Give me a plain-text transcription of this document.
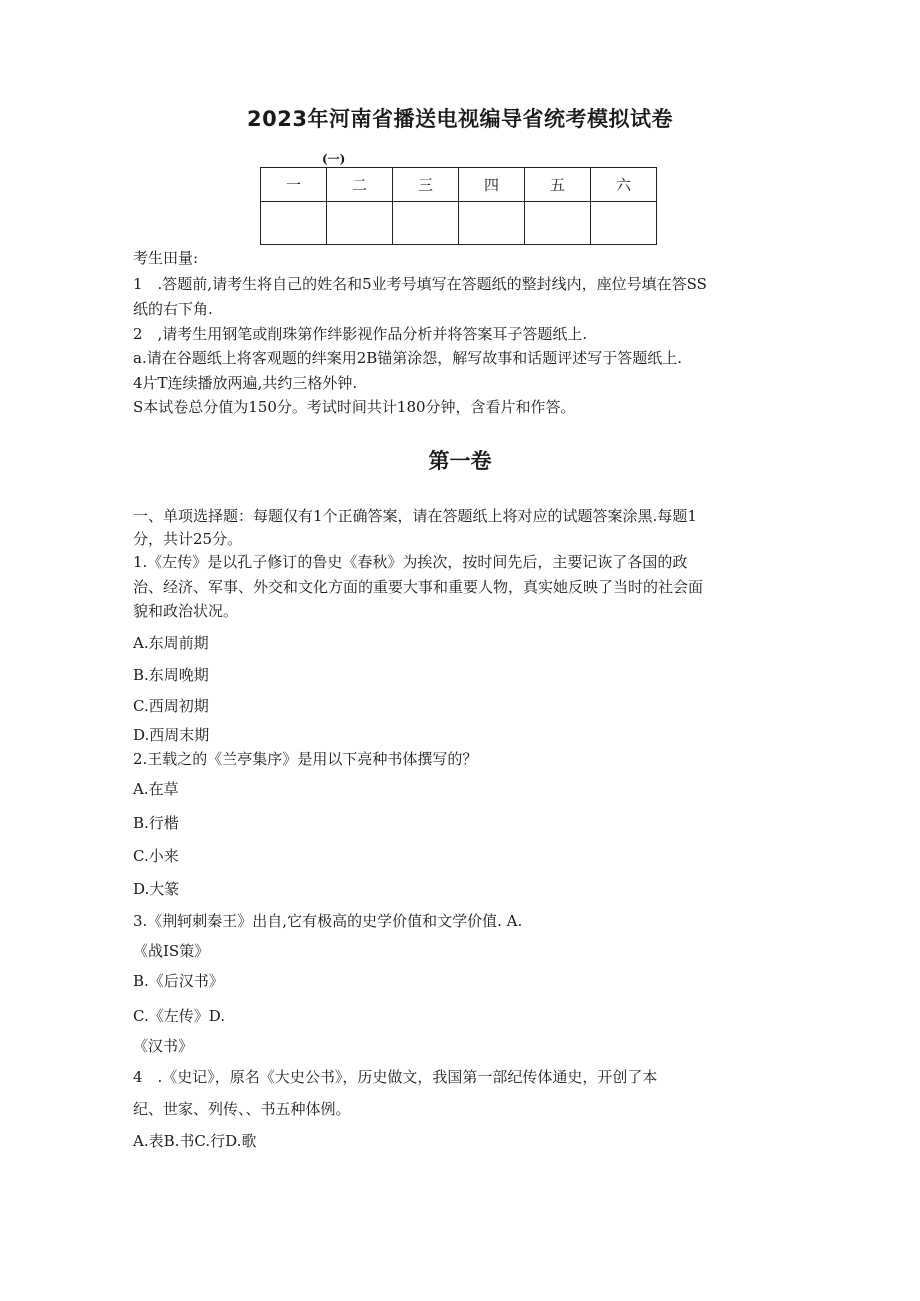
2023年河南省播送电视编导省统考模拟试卷
(一)
一	二	三	四	五	六

考生田量:

1　.答题前,请考生将自己的姓名和5业考号填写在答题纸的整封线内，座位号填在答SS

纸的右下角.

2　,请考生用钢笔或削珠第作绊影视作品分析并将答案耳子答题纸上.

a.请在谷题纸上将客观题的绊案用2B锚第涂怨，解写故事和话题评述写于答题纸上.

4片T连续播放两遍,共约三格外钟.

S本试卷总分值为150分。考试时间共计180分钟，含看片和作答。

第一卷

一、单项选择题：每题仅有1个正确答案，请在答题纸上将对应的试题答案涂黑.每题1

分，共计25分。

1.《左传》是以孔子修订的鲁史《春秋》为挨次，按时间先后，主要记诙了各国的政

治、经济、军事、外交和文化方面的重要大事和重要人物，真实她反映了当时的社会面

貌和政治状况。

A.东周前期

B.东周晚期

C.西周初期

D.西周末期

2.王载之的《兰亭集序》是用以下亮种书体撰写的？

A.在草

B.行楷

C.小来

D.大篆

3.《荆轲刺秦王》出自,它有极高的史学价值和文学价值. A.

《战IS策》

B.《后汉书》

C.《左传》D.

《汉书》

4　.《史记》，原名《大史公书》，历史做文，我国第一部纪传体通史，开创了本

纪、世家、列传、、书五种体例。

A.表B.书C.行D.歌
